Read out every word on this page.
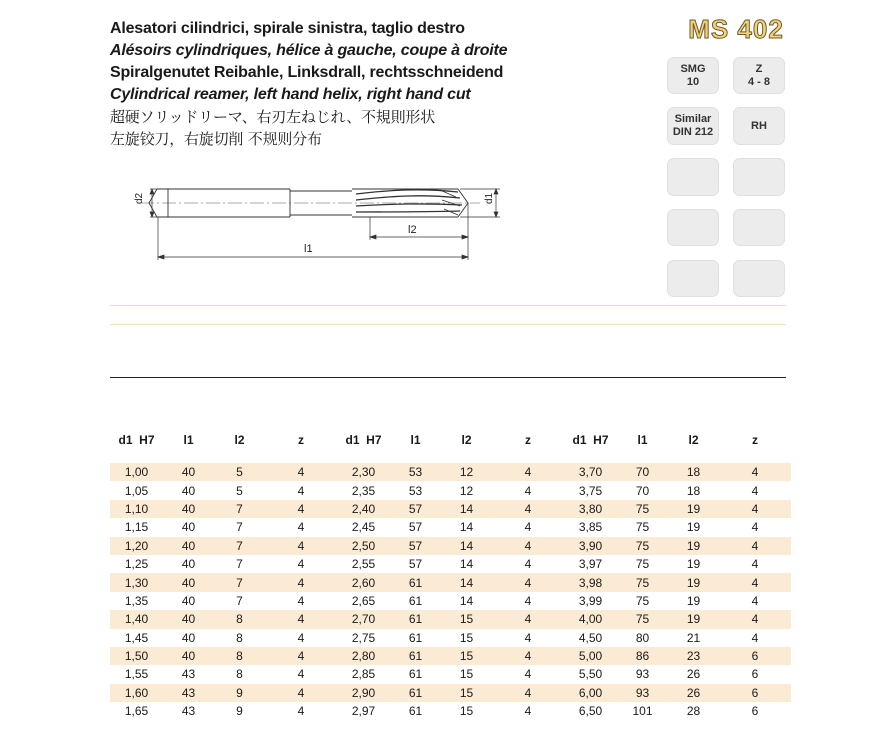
Alesatori cilindrici, spirale sinistra, taglio destro
Alésoirs cylindriques, hélice à gauche, coupe à droite
Spiralgenutet Reibahle, Linksdrall, rechtsschneidend
Cylindrical reamer, left hand helix, right hand cut
超硬ソリッドリーマ、右刃左ねじれ、不規則形状
左旋铰刀，右旋切削 不规则分布
MS 402
SMG
10
Z
4 - 8
Similar
DIN 212
RH
d2	d1
l2
l1
d1 H7	l1	l2	z	d1 H7	l1	l2	z	d1 H7	l1	l2	z

1,00	40	5	4	2,30	53	12	4	3,70	70	18	4
1,05	40	5	4	2,35	53	12	4	3,75	70	18	4
1,10	40	7	4	2,40	57	14	4	3,80	75	19	4
1,15	40	7	4	2,45	57	14	4	3,85	75	19	4
1,20	40	7	4	2,50	57	14	4	3,90	75	19	4
1,25	40	7	4	2,55	57	14	4	3,97	75	19	4
1,30	40	7	4	2,60	61	14	4	3,98	75	19	4
1,35	40	7	4	2,65	61	14	4	3,99	75	19	4
1,40	40	8	4	2,70	61	15	4	4,00	75	19	4
1,45	40	8	4	2,75	61	15	4	4,50	80	21	4
1,50	40	8	4	2,80	61	15	4	5,00	86	23	6
1,55	43	8	4	2,85	61	15	4	5,50	93	26	6
1,60	43	9	4	2,90	61	15	4	6,00	93	26	6
1,65	43	9	4	2,97	61	15	4	6,50	101	28	6
